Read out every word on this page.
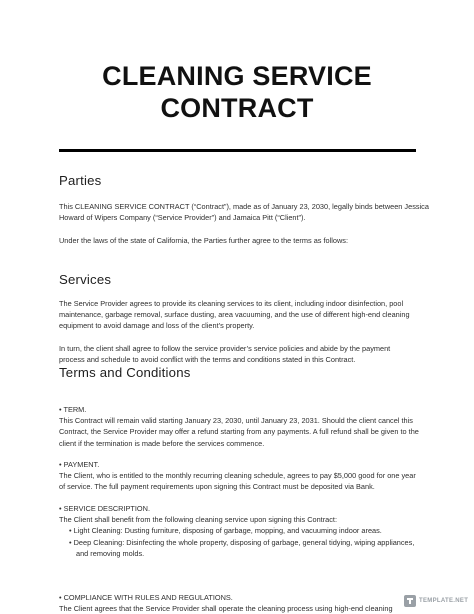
CLEANING SERVICE
CONTRACT
Parties
This CLEANING SERVICE CONTRACT (“Contract”), made as of January 23, 2030, legally binds between Jessica
Howard of Wipers Company (“Service Provider”) and Jamaica Pitt (“Client”).
Under the laws of the state of California, the Parties further agree to the terms as follows:
Services
The Service Provider agrees to provide its cleaning services to its client, including indoor disinfection, pool
maintenance, garbage removal, surface dusting, area vacuuming, and the use of different high-end cleaning
equipment to avoid damage and loss of the client’s property.
In turn, the client shall agree to follow the service provider’s service policies and abide by the payment
process and schedule to avoid conflict with the terms and conditions stated in this Contract.
Terms and Conditions
• TERM.
This Contract will remain valid starting January 23, 2030, until January 23, 2031. Should the client cancel this
Contract, the Service Provider may offer a refund starting from any payments. A full refund shall be given to the
client if the termination is made before the services commence.
• PAYMENT.
The Client, who is entitled to the monthly recurring cleaning schedule, agrees to pay $5,000 good for one year
of service. The full payment requirements upon signing this Contract must be deposited via Bank.
• SERVICE DESCRIPTION.
The Client shall benefit from the following cleaning service upon signing this Contract:
• Light Cleaning: Dusting furniture, disposing of garbage, mopping, and vacuuming indoor areas.
• Deep Cleaning: Disinfecting the whole property, disposing of garbage, general tidying, wiping appliances,
and removing molds.
• COMPLIANCE WITH RULES AND REGULATIONS.
The Client agrees that the Service Provider shall operate the cleaning process using high-end cleaning
TEMPLATE.NET
